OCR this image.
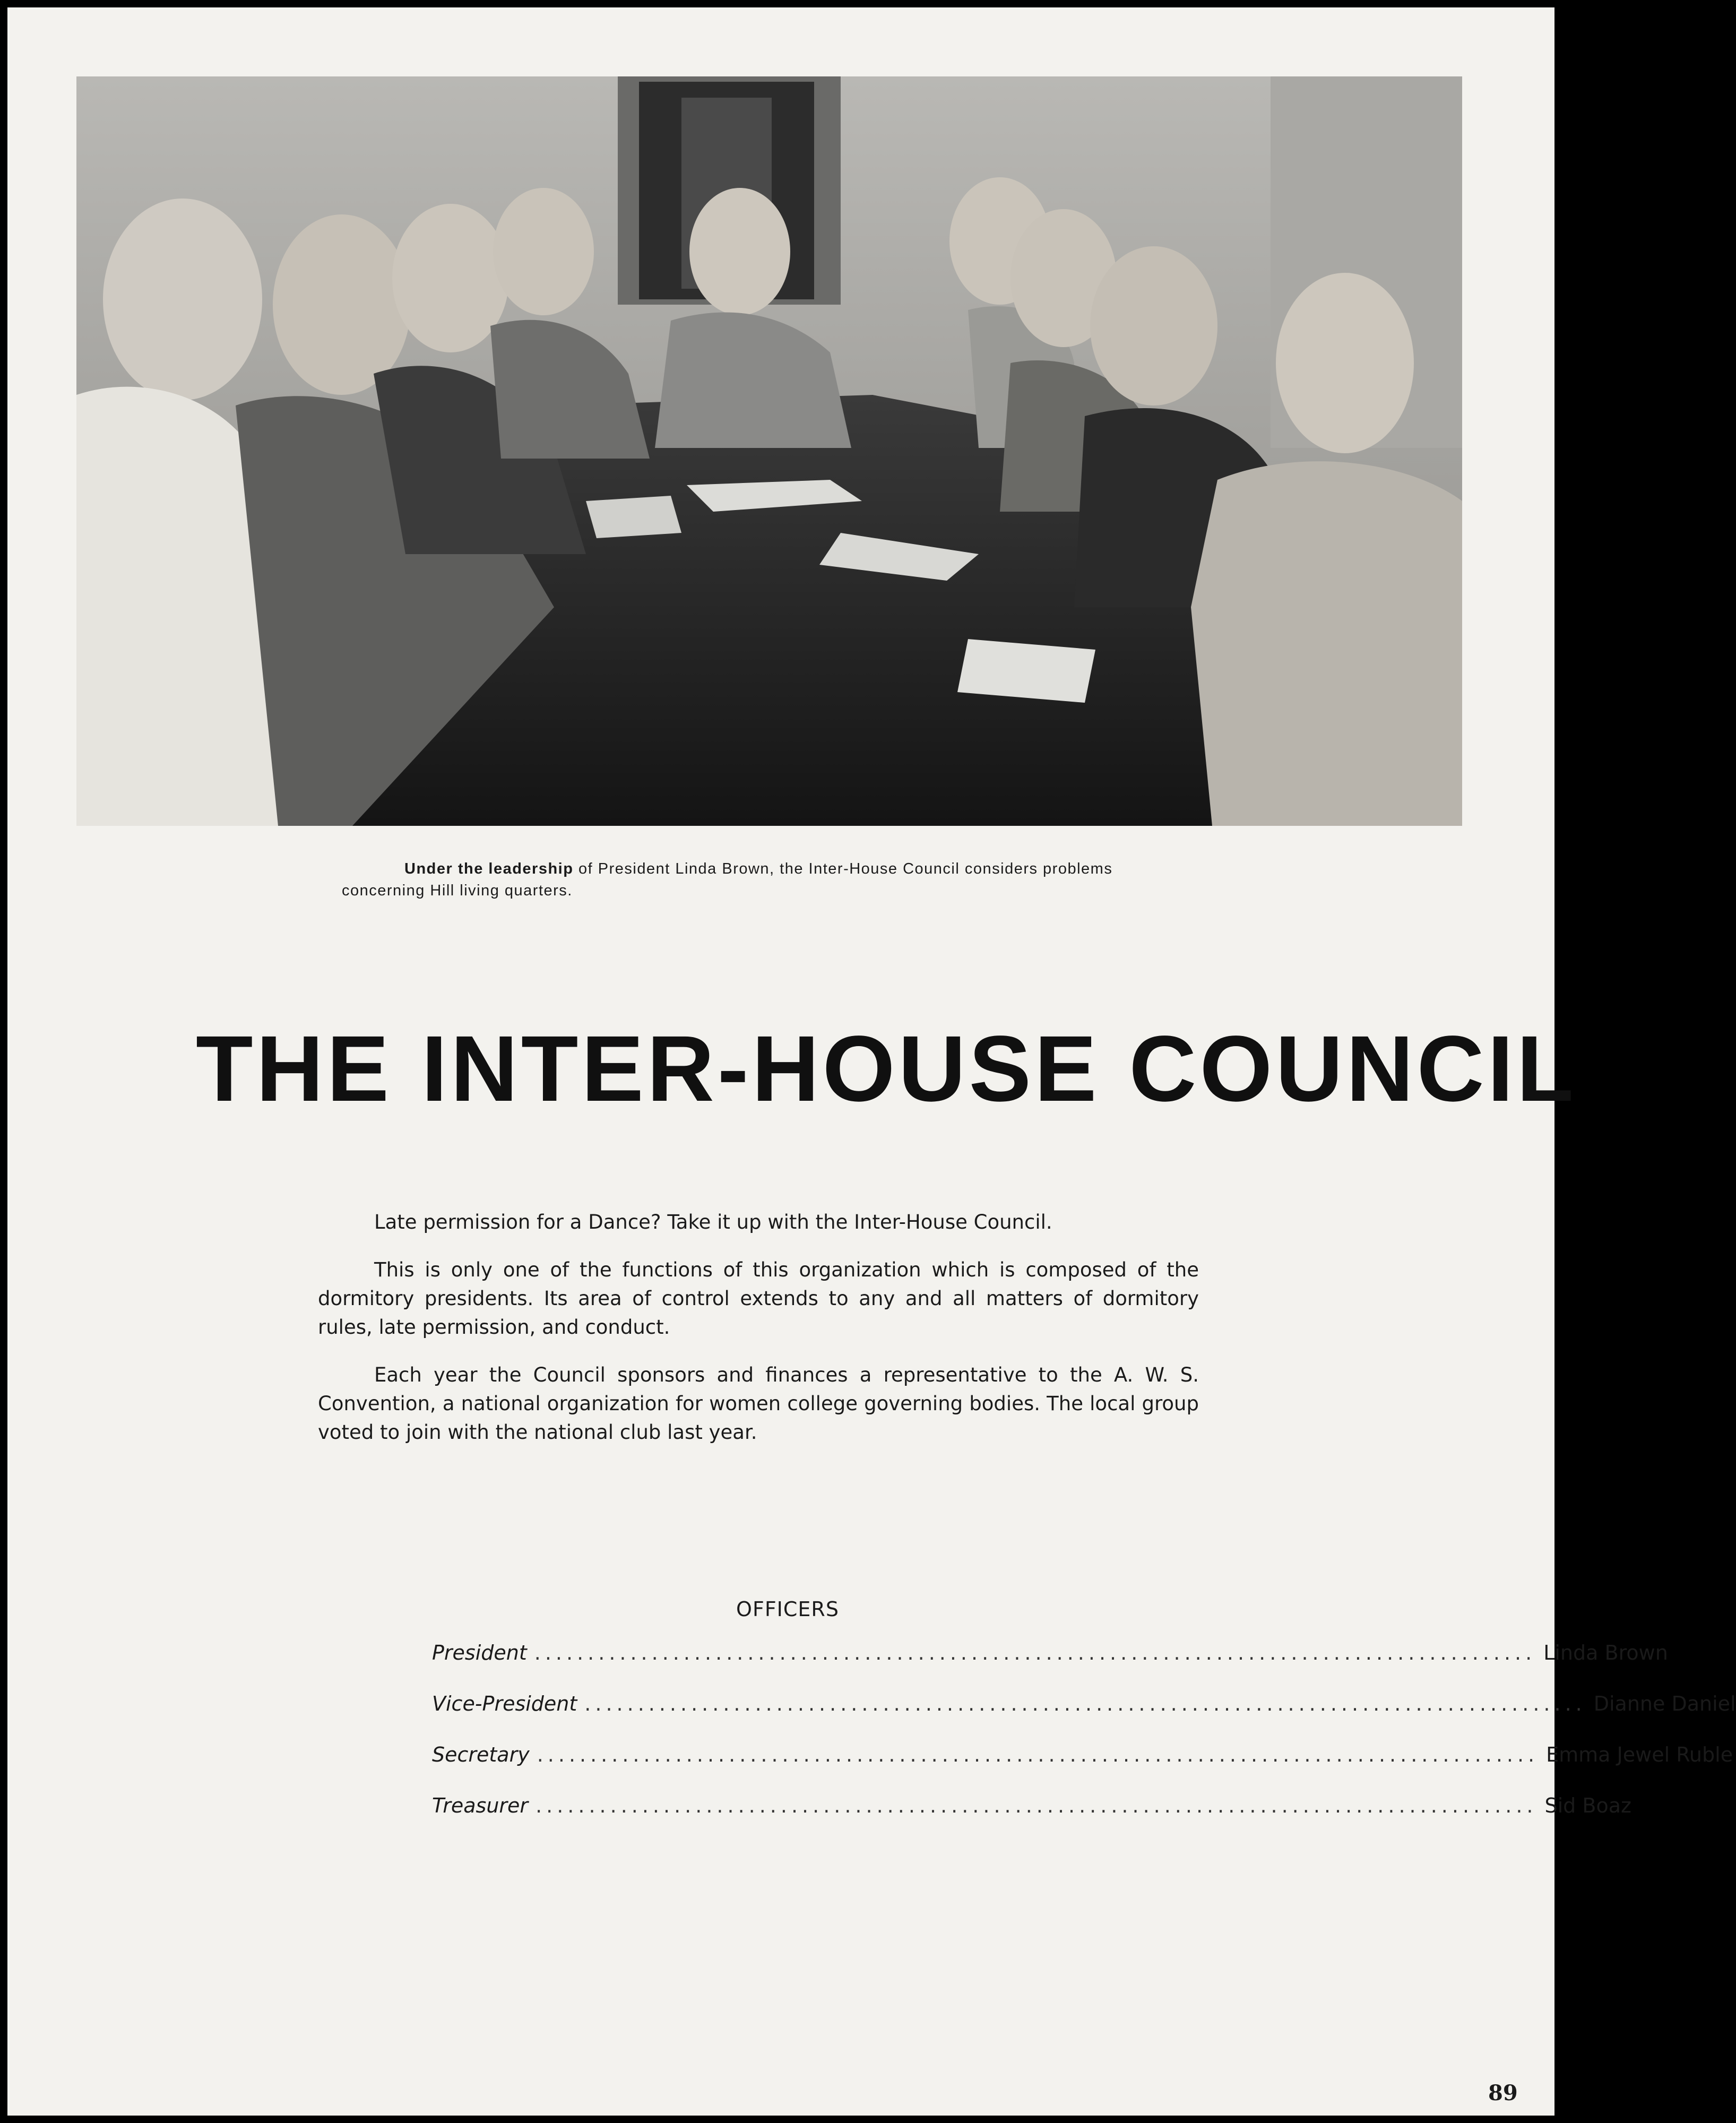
Under the leadership of President Linda Brown, the Inter-House Council considers problems

concerning Hill living quarters.

THE INTER-HOUSE COUNCIL

Late permission for a Dance? Take it up with the Inter-House Council.

This is only one of the functions of this organization which is composed of the dormitory presidents. Its area of control extends to any and all matters of dormitory rules, late permission, and conduct.

Each year the Council sponsors and finances a representative to the A. W. S. Convention, a national organization for women college governing bodies. The local group voted to join with the national club last year.

OFFICERS
President .............................................................................................. Linda Brown
Vice-President .............................................................................................. Dianne Daniel
Secretary .............................................................................................. Emma Jewel Ruble
Treasurer .............................................................................................. Sid Boaz
89
